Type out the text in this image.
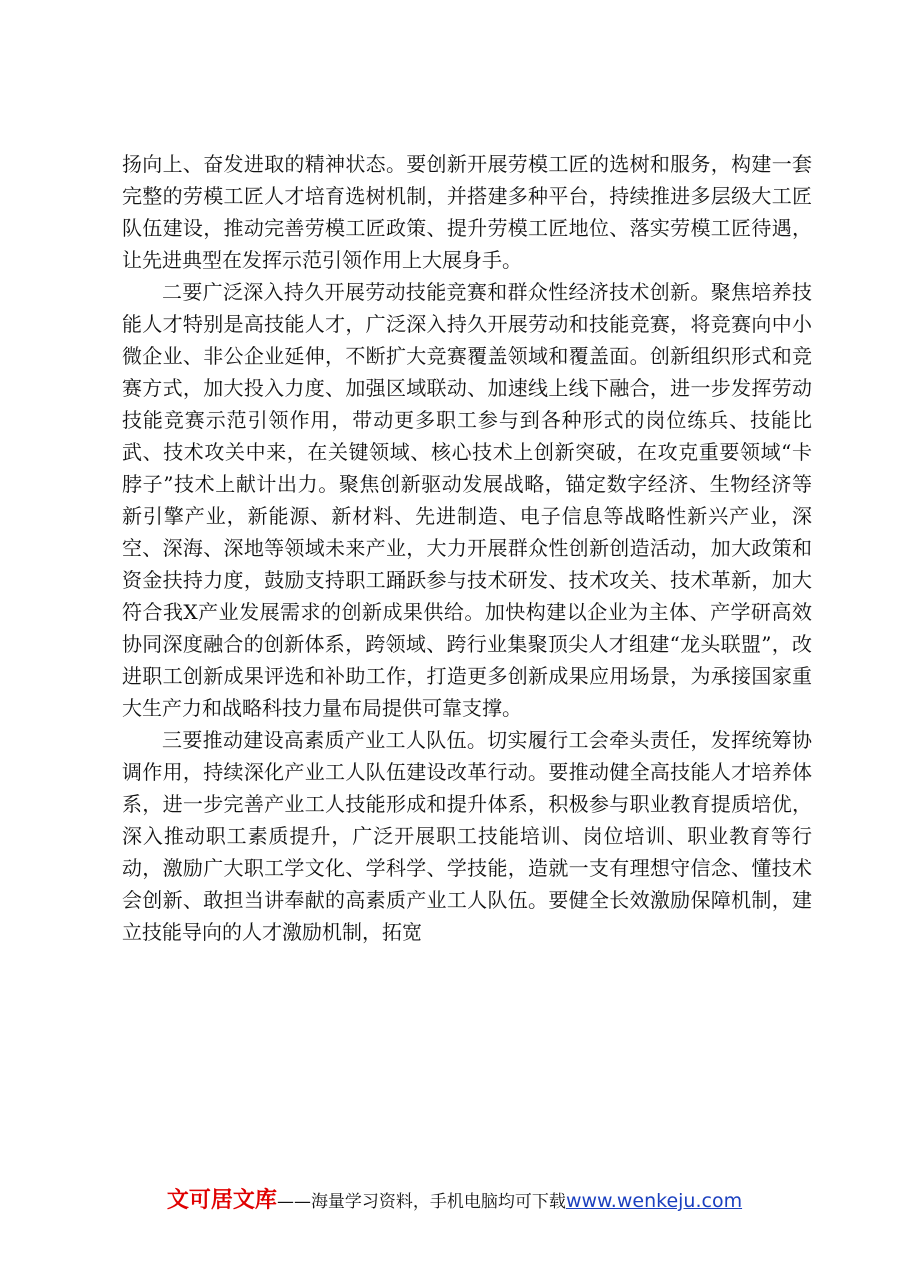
扬向上、奋发进取的精神状态。要创新开展劳模工匠的选树和服务，构建一套完整的劳模工匠人才培育选树机制，并搭建多种平台，持续推进多层级大工匠队伍建设，推动完善劳模工匠政策、提升劳模工匠地位、落实劳模工匠待遇，让先进典型在发挥示范引领作用上大展身手。

二要广泛深入持久开展劳动技能竞赛和群众性经济技术创新。聚焦培养技能人才特别是高技能人才，广泛深入持久开展劳动和技能竞赛，将竞赛向中小微企业、非公企业延伸，不断扩大竞赛覆盖领域和覆盖面。创新组织形式和竞赛方式，加大投入力度、加强区域联动、加速线上线下融合，进一步发挥劳动技能竞赛示范引领作用，带动更多职工参与到各种形式的岗位练兵、技能比武、技术攻关中来，在关键领域、核心技术上创新突破，在攻克重要领域“卡脖子”技术上献计出力。聚焦创新驱动发展战略，锚定数字经济、生物经济等新引擎产业，新能源、新材料、先进制造、电子信息等战略性新兴产业，深空、深海、深地等领域未来产业，大力开展群众性创新创造活动，加大政策和资金扶持力度，鼓励支持职工踊跃参与技术研发、技术攻关、技术革新，加大符合我X产业发展需求的创新成果供给。加快构建以企业为主体、产学研高效协同深度融合的创新体系，跨领域、跨行业集聚顶尖人才组建“龙头联盟”，改进职工创新成果评选和补助工作，打造更多创新成果应用场景，为承接国家重大生产力和战略科技力量布局提供可靠支撑。

三要推动建设高素质产业工人队伍。切实履行工会牵头责任，发挥统筹协调作用，持续深化产业工人队伍建设改革行动。要推动健全高技能人才培养体系，进一步完善产业工人技能形成和提升体系，积极参与职业教育提质培优，深入推动职工素质提升，广泛开展职工技能培训、岗位培训、职业教育等行动，激励广大职工学文化、学科学、学技能，造就一支有理想守信念、懂技术会创新、敢担当讲奉献的高素质产业工人队伍。要健全长效激励保障机制，建立技能导向的人才激励机制，拓宽

文可居文库——海量学习资料，手机电脑均可下载www.wenkeju.com
